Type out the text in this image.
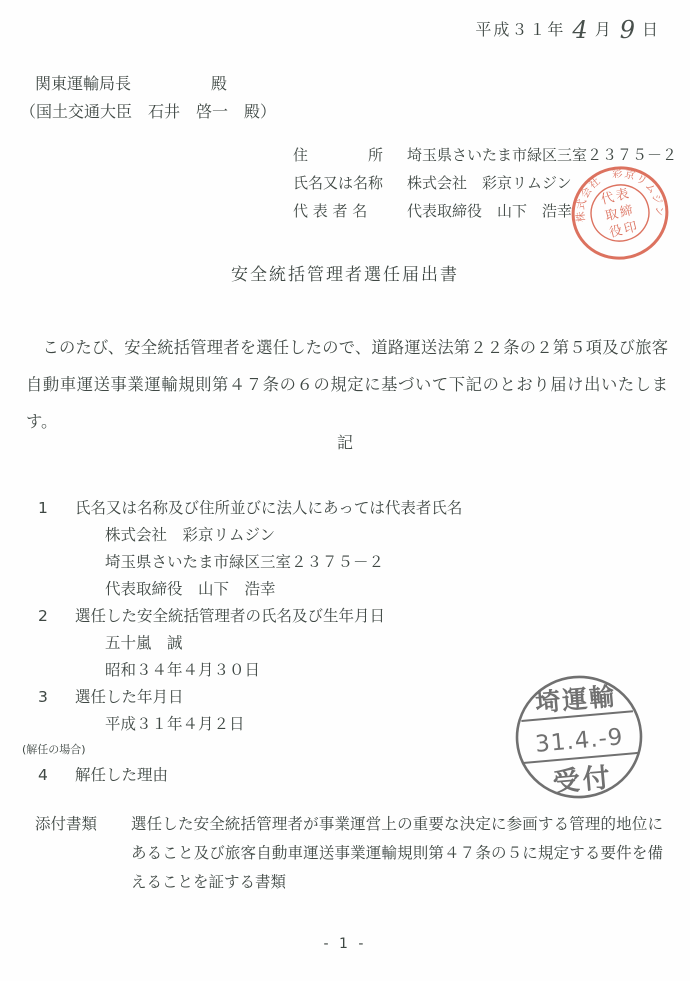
平成３１年 4 月 9 日
関東運輸局長　　　　　殿
（国土交通大臣　石井　啓一　殿）
住　　　　所	埼玉県さいたま市緑区三室２３７５－２
氏名又は名称	株式会社　彩京リムジン
代 表 者 名	代表取締役　山下　浩幸 株式会社　彩京リムジン
代表
取締
役印
安全統括管理者選任届出書
　このたび、安全統括管理者を選任したので、道路運送法第２２条の２第５項及び旅客自動車運送事業運輸規則第４７条の６の規定に基づいて下記のとおり届け出いたします。
記
1	氏名又は名称及び住所並びに法人にあっては代表者氏名
株式会社　彩京リムジン
埼玉県さいたま市緑区三室２３７５－２
代表取締役　山下　浩幸
2	選任した安全統括管理者の氏名及び生年月日
五十嵐　誠
昭和３４年４月３０日
3	選任した年月日
平成３１年４月２日
(解任の場合)
4	解任した理由
埼運輸
31.4.-9
受付
添付書類	選任した安全統括管理者が事業運営上の重要な決定に参画する管理的地位にあること及び旅客自動車運送事業運輸規則第４７条の５に規定する要件を備えることを証する書類
- 1 -
